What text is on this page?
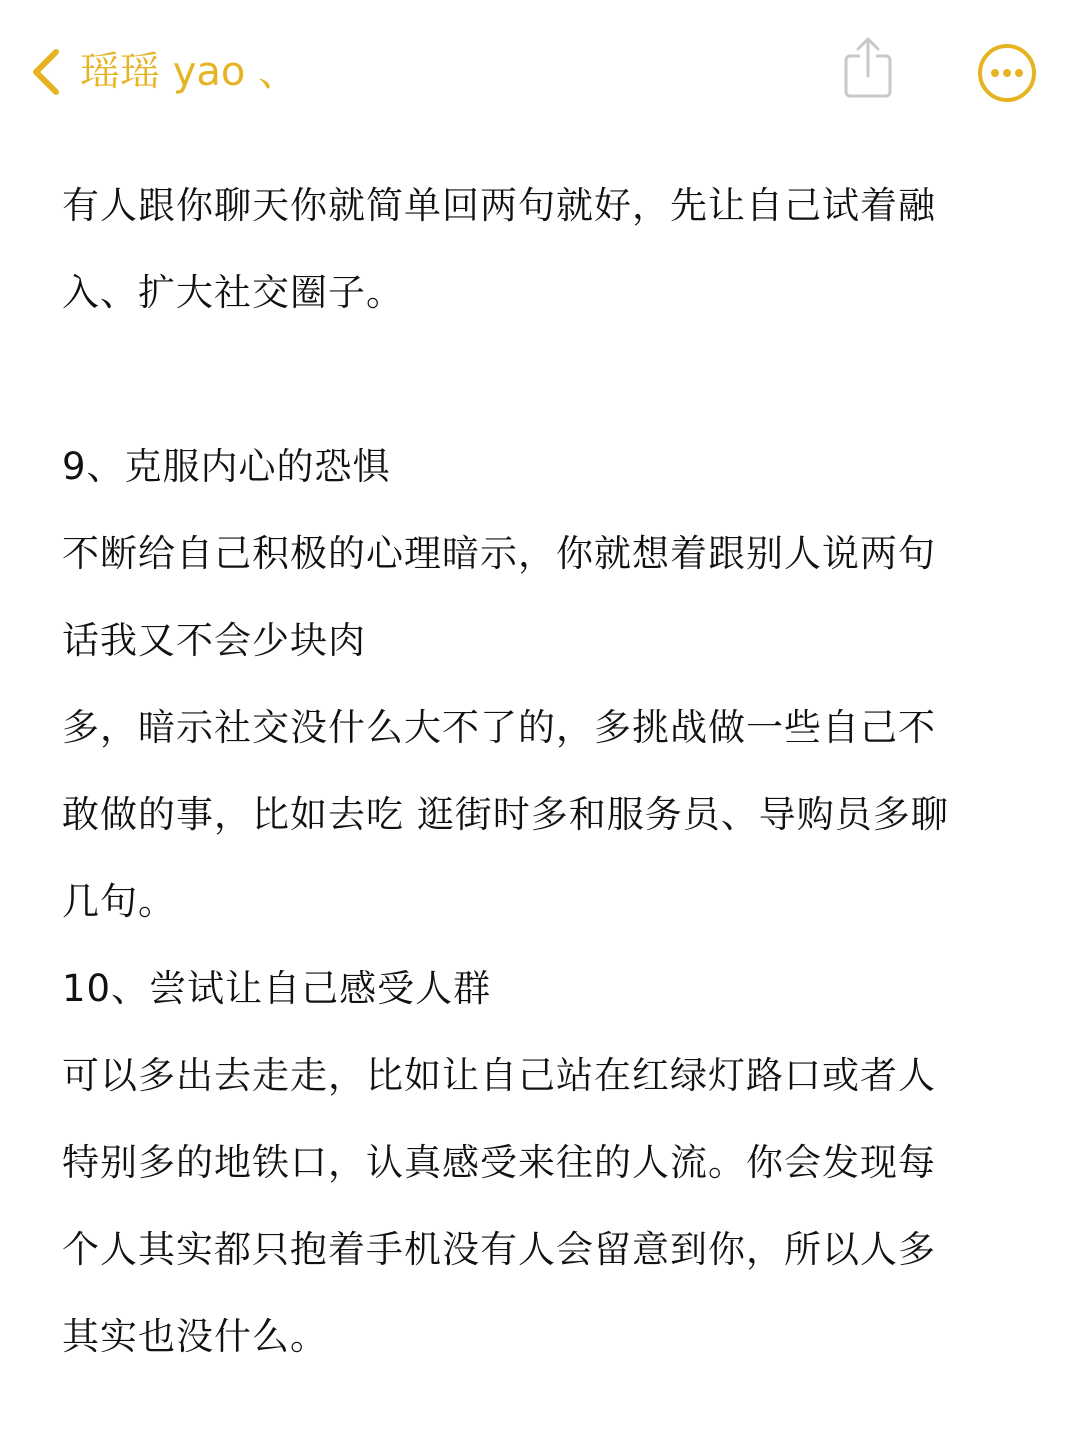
瑶瑶 yao 、

有人跟你聊天你就简单回两句就好，先让自己试着融

入、扩大社交圈子。

9、克服内心的恐惧

不断给自己积极的心理暗示，你就想着跟别人说两句

话我又不会少块肉

多，暗示社交没什么大不了的，多挑战做一些自己不

敢做的事，比如去吃 逛街时多和服务员、导购员多聊

几句。

10、尝试让自己感受人群

可以多出去走走，比如让自己站在红绿灯路口或者人

特别多的地铁口，认真感受来往的人流。你会发现每

个人其实都只抱着手机没有人会留意到你，所以人多

其实也没什么。
